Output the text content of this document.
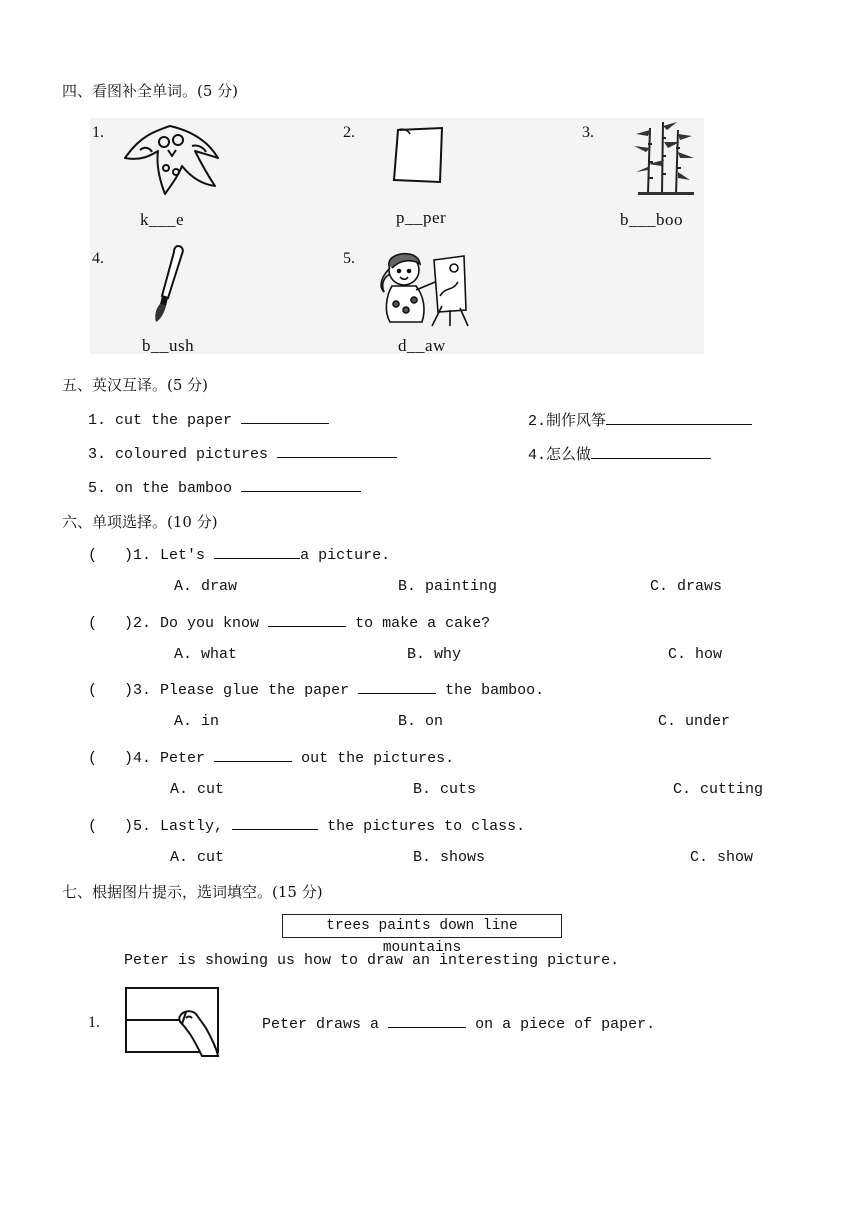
四、看图补全单词。(5 分)
1.
k___e
2.
p__per
3.
b___boo
4.
b__ush
5.
d__aw
五、英汉互译。(5 分)
1. cut the paper	2.制作风筝
3. coloured pictures	4.怎么做
5. on the bamboo
六、单项选择。(10 分)
(   )1. Let's	a picture.
A. draw	B. painting	C. draws
(   )2. Do you know	to make a cake?
A. what	B. why	C. how
(   )3. Please glue the paper	the bamboo.
A. in	B. on	C. under
(   )4. Peter	out the pictures.
A. cut	B. cuts	C. cutting
(   )5. Lastly,	the pictures to class.
A. cut	B. shows	C. show
七、根据图片提示，选词填空。(15 分)
trees paints down line mountains
Peter is showing us how to draw an interesting picture.
1.	Peter draws a	on a piece of paper.
